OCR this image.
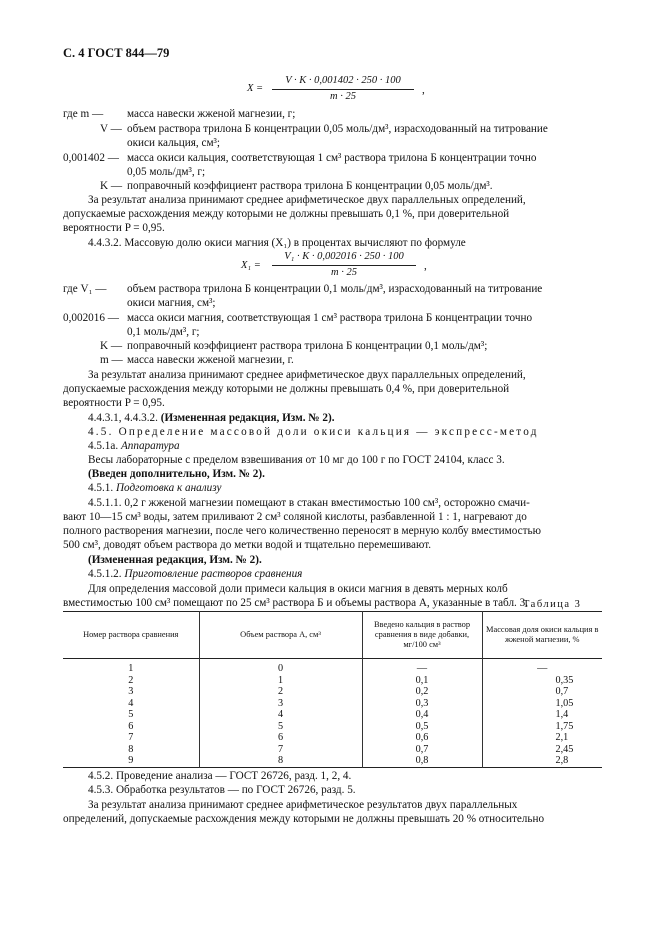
С. 4 ГОСТ 844—79
X =
V · K · 0,001402 · 250 · 100
m · 25
,
где m — масса навески жженой магнезии, г;
V — объем раствора трилона Б концентрации 0,05 моль/дм³, израсходованный на титрование
окиси кальция, см³;
0,001402 — масса окиси кальция, соответствующая 1 см³ раствора трилона Б концентрации точно
0,05 моль/дм³, г;
K — поправочный коэффициент раствора трилона Б концентрации 0,05 моль/дм³.
За результат анализа принимают среднее арифметическое двух параллельных определений,
допускаемые расхождения между которыми не должны превышать 0,1 %, при доверительной
вероятности P = 0,95.
4.4.3.2. Массовую долю окиси магния (X₁) в процентах вычисляют по формуле
X₁ =
V₁ · K · 0,002016 · 250 · 100
m · 25
,
где V₁ — объем раствора трилона Б концентрации 0,1 моль/дм³, израсходованный на титрование
окиси магния, см³;
0,002016 — масса окиси магния, соответствующая 1 см³ раствора трилона Б концентрации точно
0,1 моль/дм³, г;
K — поправочный коэффициент раствора трилона Б концентрации 0,1 моль/дм³;
m — масса навески жженой магнезии, г.
За результат анализа принимают среднее арифметическое двух параллельных определений,
допускаемые расхождения между которыми не должны превышать 0,4 %, при доверительной
вероятности P = 0,95.
4.4.3.1, 4.4.3.2. (Измененная редакция, Изм. № 2).
4.5. Определение массовой доли окиси кальция — экспресс-метод
4.5.1а. Аппаратура
Весы лабораторные с пределом взвешивания от 10 мг до 100 г по ГОСТ 24104, класс 3.
(Введен дополнительно, Изм. № 2).
4.5.1. Подготовка к анализу
4.5.1.1. 0,2 г жженой магнезии помещают в стакан вместимостью 100 см³, осторожно смачи-
вают 10—15 см³ воды, затем приливают 2 см³ соляной кислоты, разбавленной 1 : 1, нагревают до
полного растворения магнезии, после чего количественно переносят в мерную колбу вместимостью
500 см³, доводят объем раствора до метки водой и тщательно перемешивают.
(Измененная редакция, Изм. № 2).
4.5.1.2. Приготовление растворов сравнения
Для определения массовой доли примеси кальция в окиси магния в девять мерных колб
вместимостью 100 см³ помещают по 25 см³ раствора Б и объемы раствора А, указанные в табл. 3.
Таблица 3
Номер раствора сравнения	Объем раствора А, см³	Введено кальция в раствор сравнения в виде добавки, мг/100 см³	Массовая доля окиси кальция в жженой магнезии, %
1	0	—	—
2	1	0,1	0,35
3	2	0,2	0,7
4	3	0,3	1,05
5	4	0,4	1,4
6	5	0,5	1,75
7	6	0,6	2,1
8	7	0,7	2,45
9	8	0,8	2,8
4.5.2. Проведение анализа — ГОСТ 26726, разд. 1, 2, 4.
4.5.3. Обработка результатов — по ГОСТ 26726, разд. 5.
За результат анализа принимают среднее арифметическое результатов двух параллельных
определений, допускаемые расхождения между которыми не должны превышать 20 % относительно
